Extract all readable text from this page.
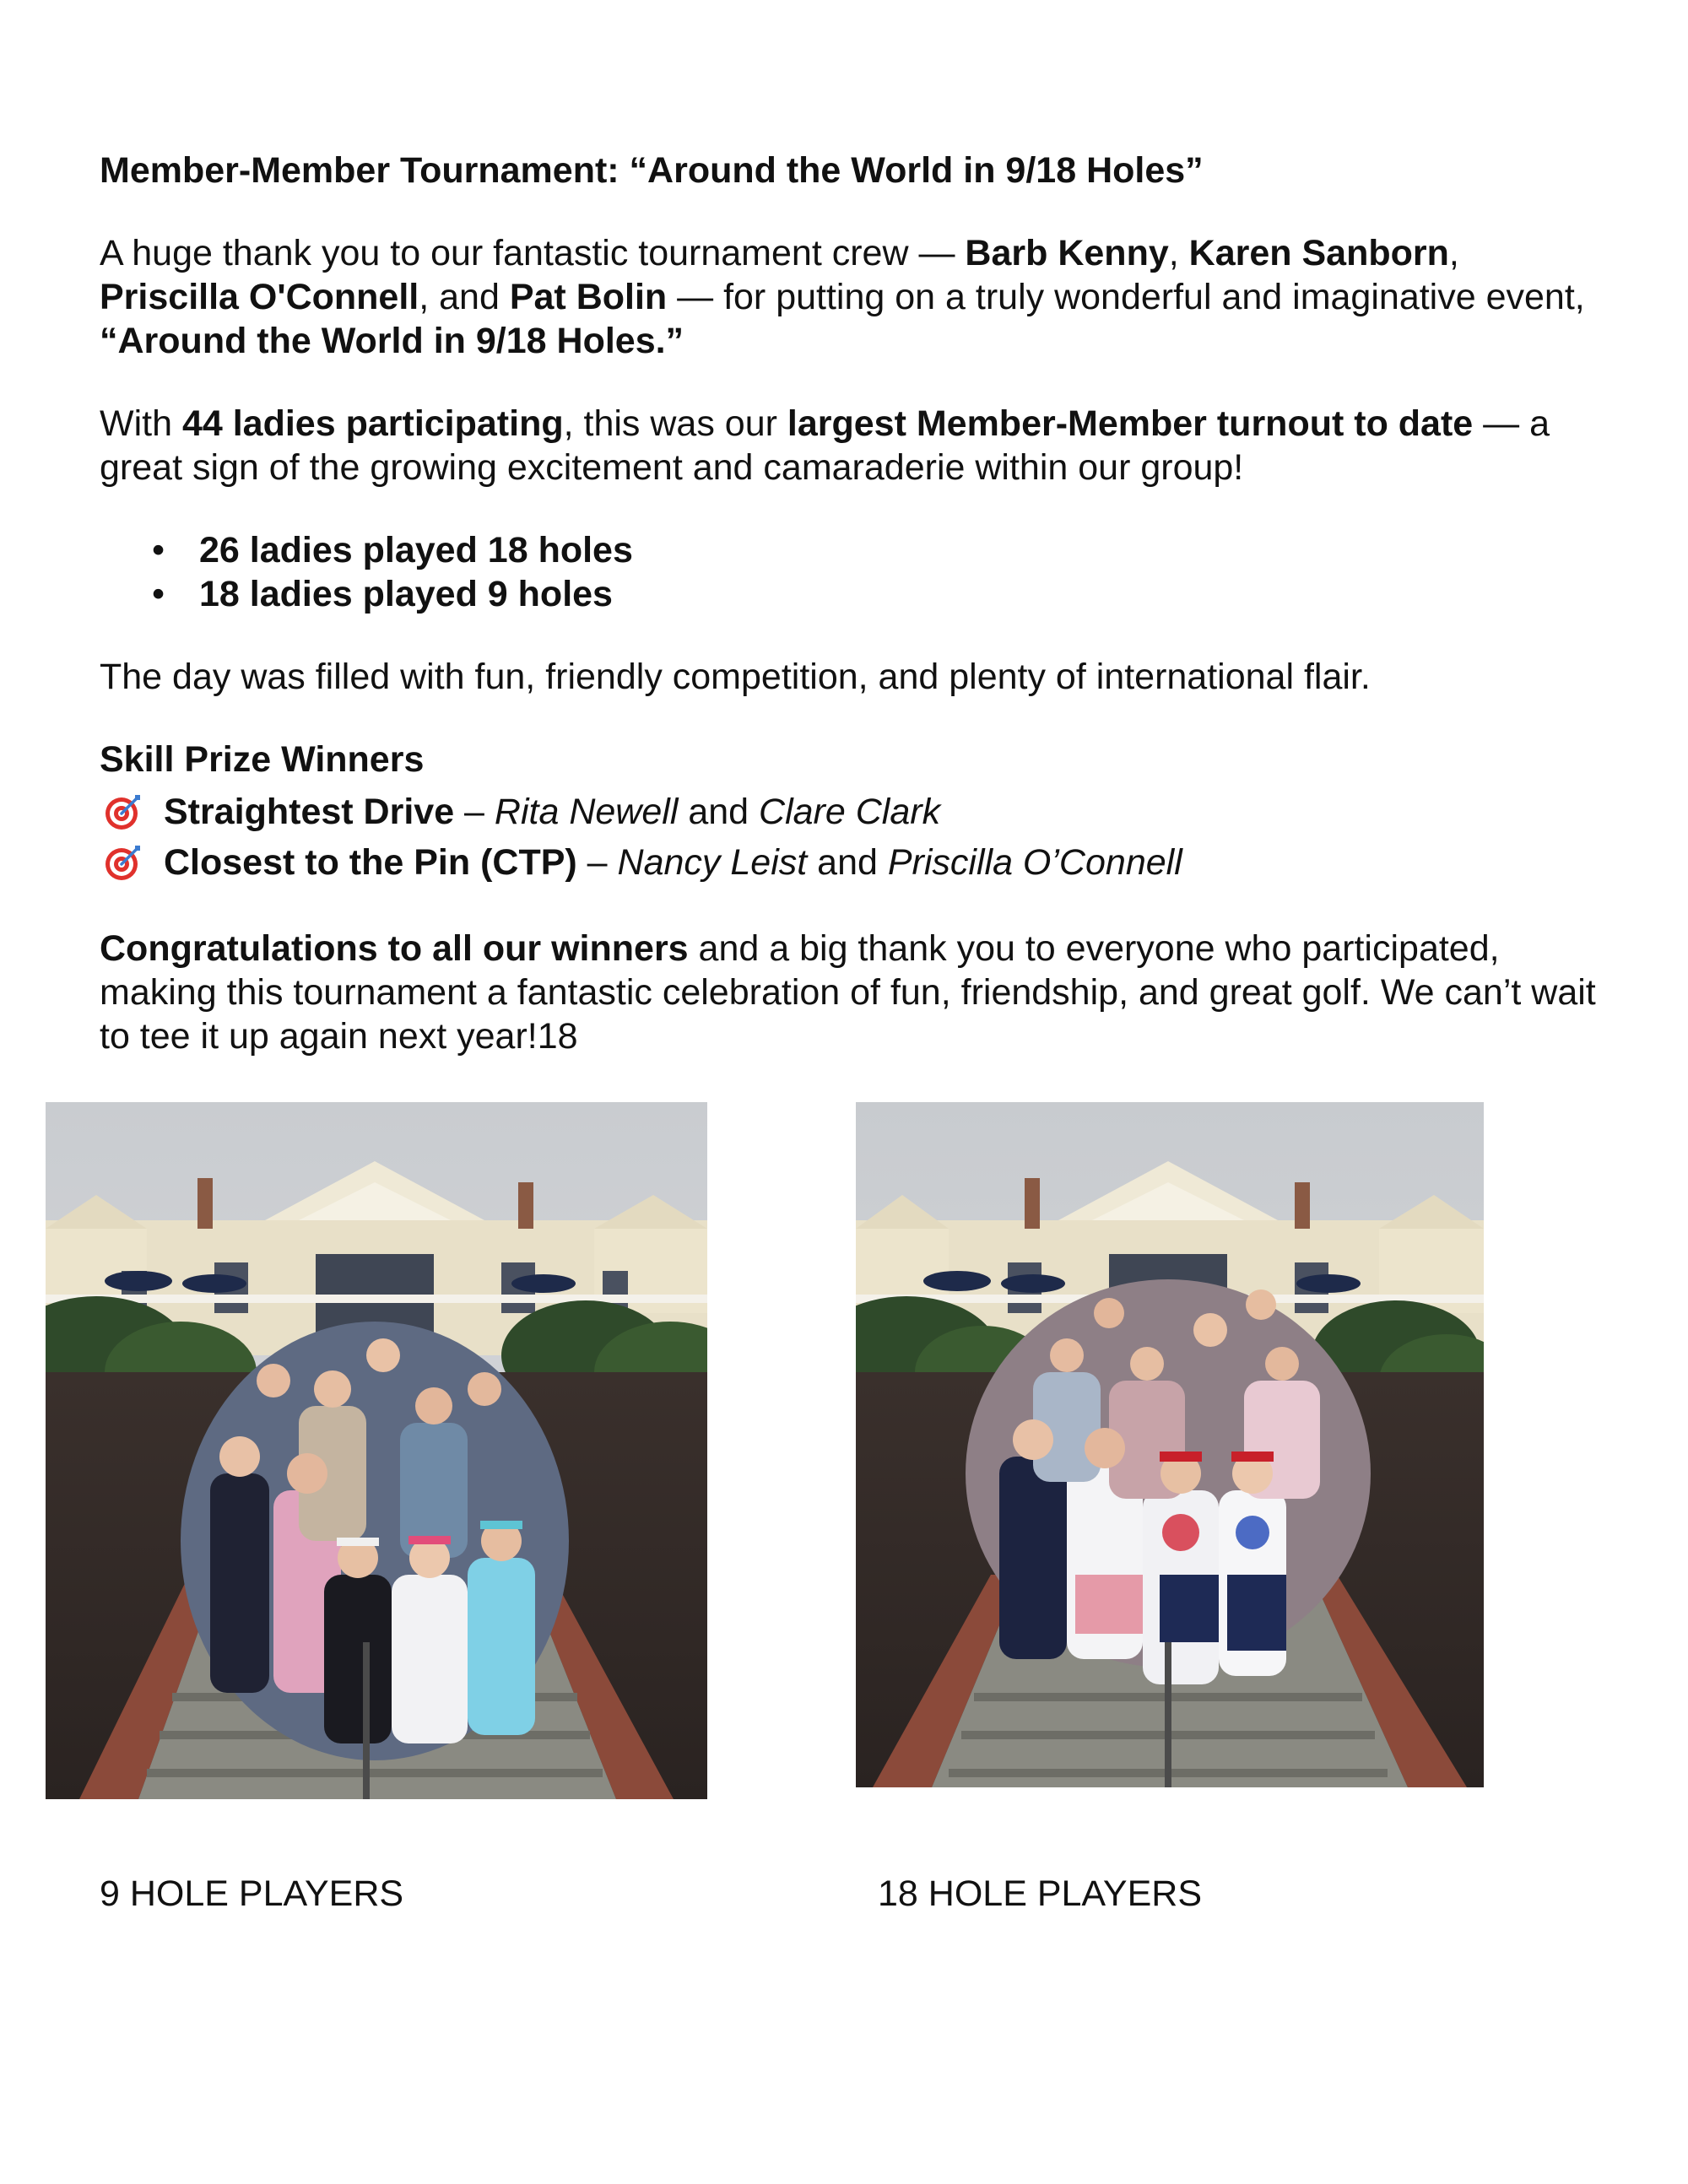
Member-Member Tournament: “Around the World in 9/18 Holes”

A huge thank you to our fantastic tournament crew — Barb Kenny, Karen Sanborn, Priscilla O'Connell, and Pat Bolin — for putting on a truly wonderful and imaginative event, “Around the World in 9/18 Holes.”

With 44 ladies participating, this was our largest Member-Member turnout to date — a great sign of the growing excitement and camaraderie within our group!

• 26 ladies played 18 holes
• 18 ladies played 9 holes

The day was filled with fun, friendly competition, and plenty of international flair.

Skill Prize Winners
Straightest Drive – Rita Newell and Clare Clark
Closest to the Pin (CTP) – Nancy Leist and Priscilla O’Connell

Congratulations to all our winners and a big thank you to everyone who participated, making this tournament a fantastic celebration of fun, friendship, and great golf. We can’t wait to tee it up again next year!18

9 HOLE PLAYERS	18 HOLE PLAYERS
